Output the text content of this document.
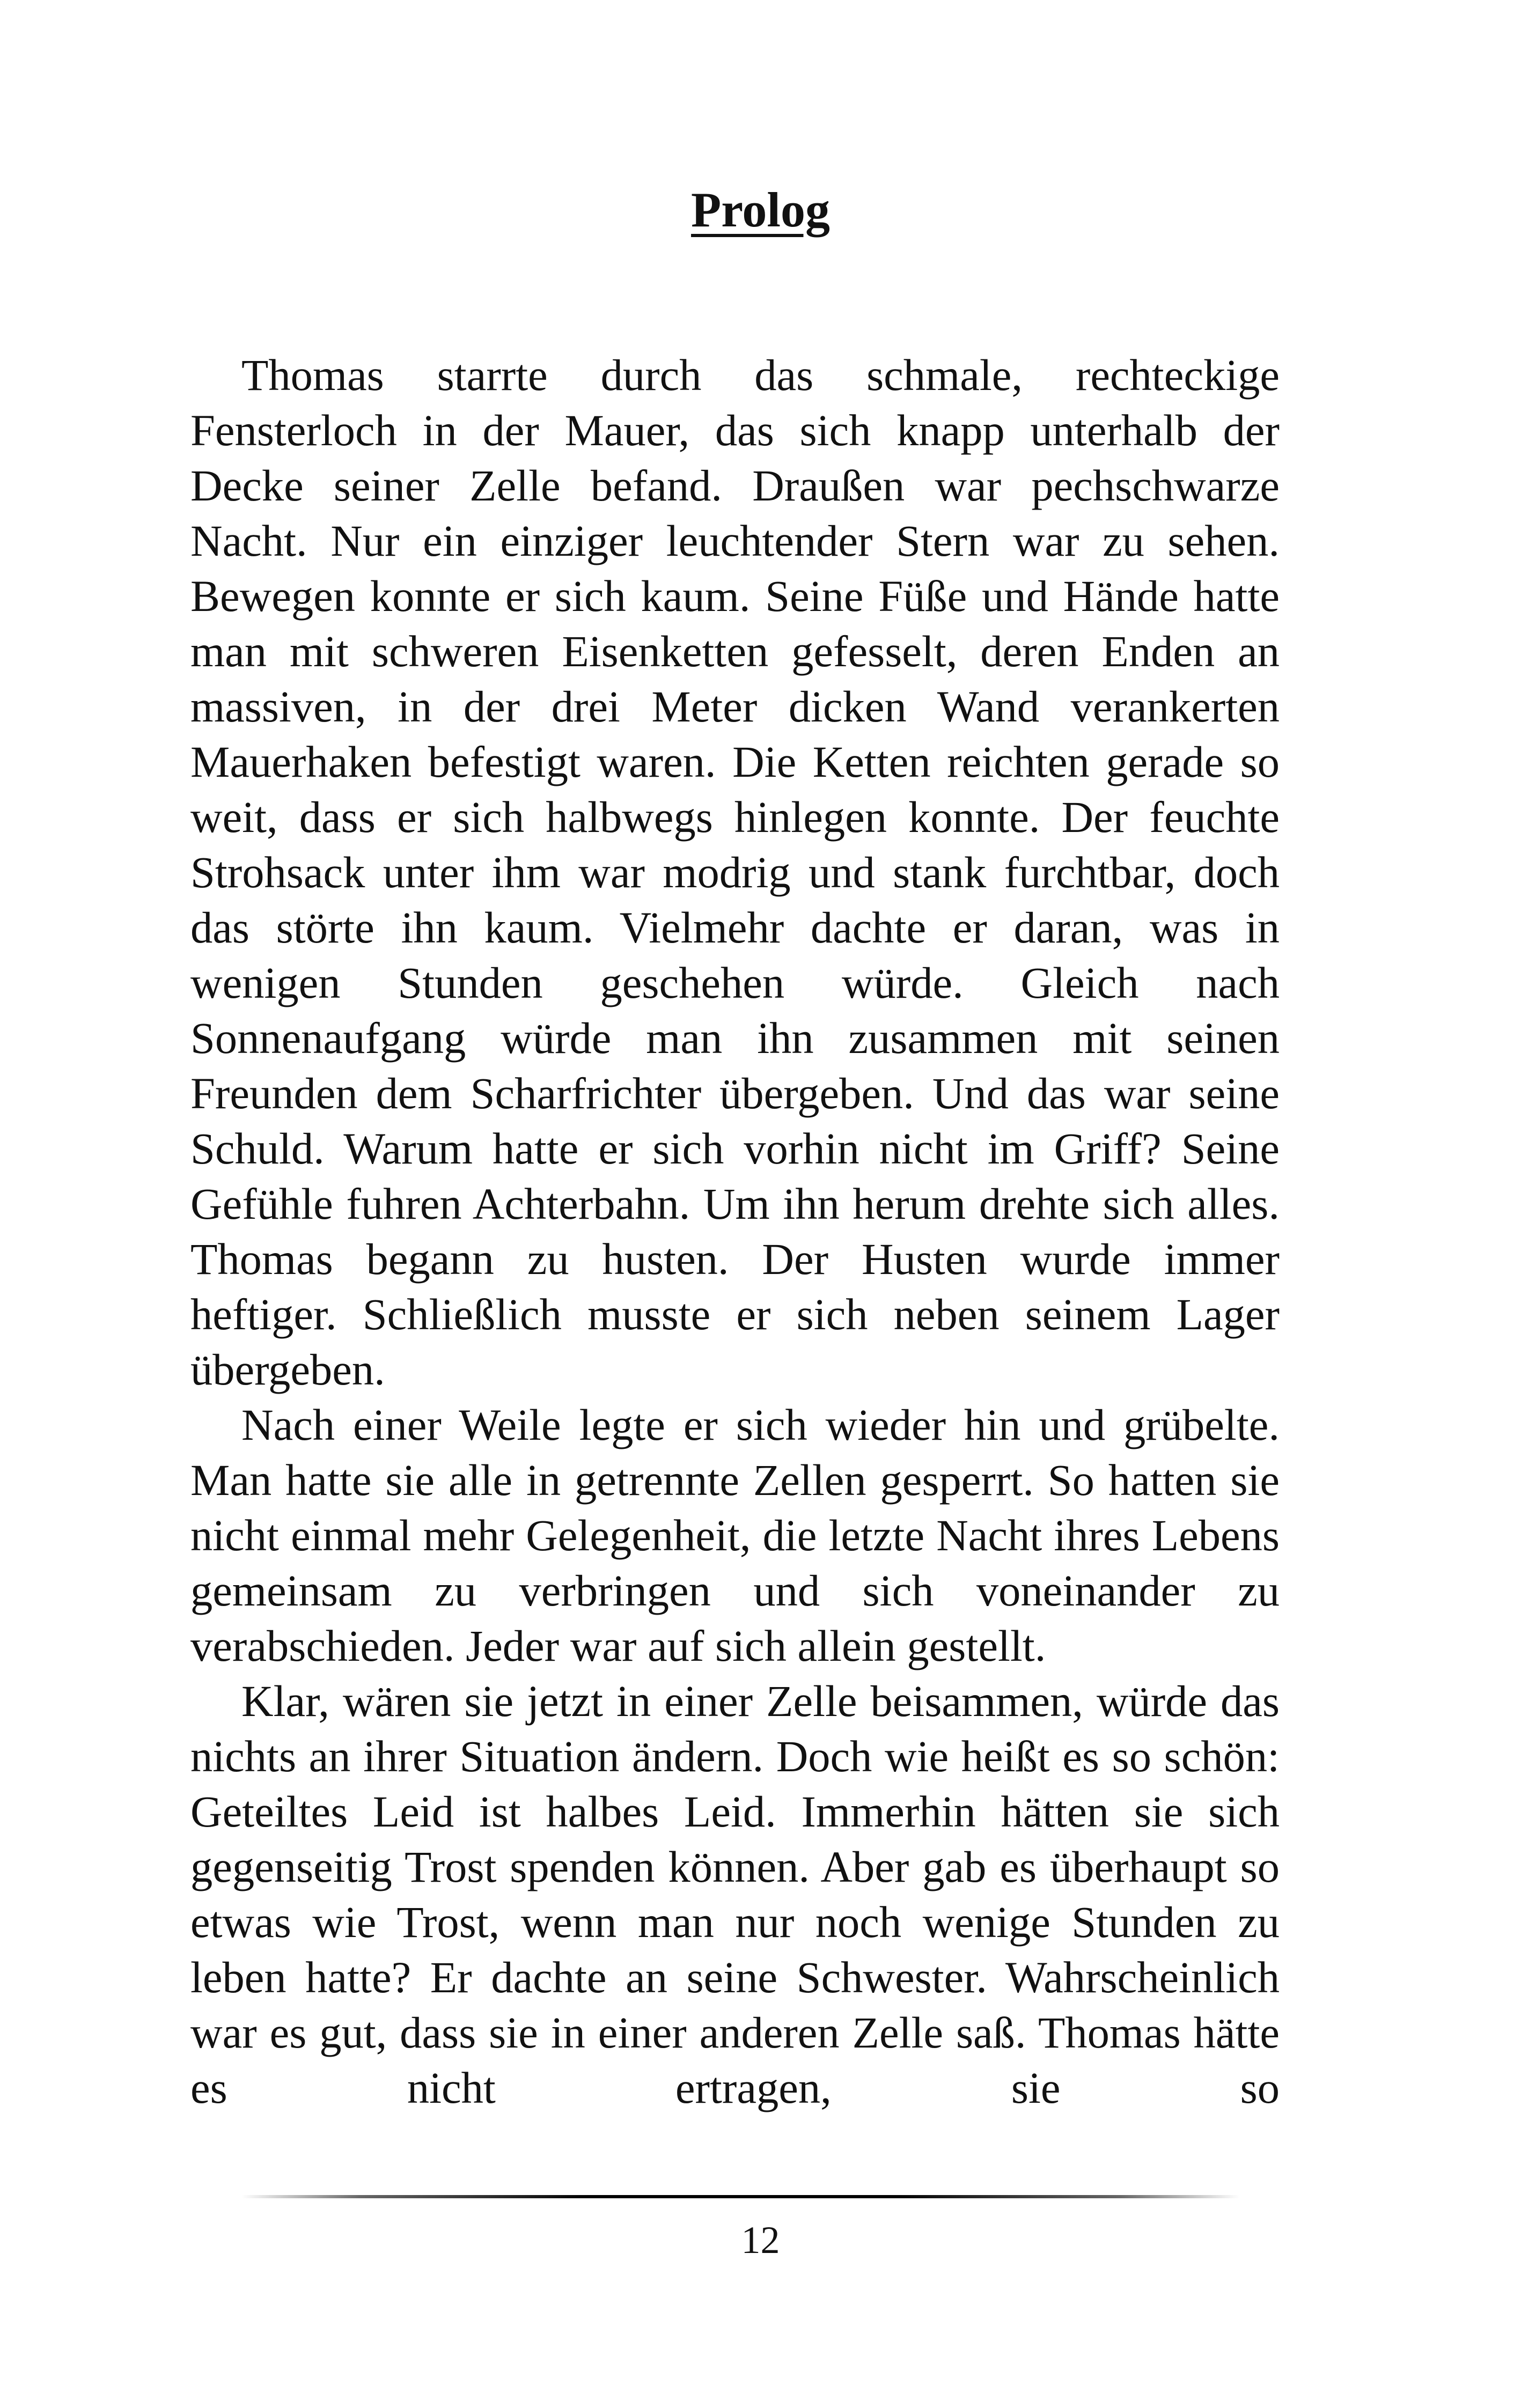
Prolog

Thomas starrte durch das schmale, rechteckige Fensterloch in der Mauer, das sich knapp unterhalb der Decke seiner Zelle befand. Draußen war pechschwarze Nacht. Nur ein einziger leuchtender Stern war zu sehen. Bewegen konnte er sich kaum. Seine Füße und Hände hatte man mit schweren Eisenketten gefesselt, deren Enden an massiven, in der drei Meter dicken Wand verankerten Mauerhaken befestigt waren. Die Ketten reichten gerade so weit, dass er sich halbwegs hinlegen konnte. Der feuchte Strohsack unter ihm war modrig und stank furchtbar, doch das störte ihn kaum. Vielmehr dachte er daran, was in wenigen Stunden geschehen würde. Gleich nach Sonnenaufgang würde man ihn zusammen mit seinen Freunden dem Scharfrichter übergeben. Und das war seine Schuld. Warum hatte er sich vorhin nicht im Griff? Seine Gefühle fuhren Achterbahn. Um ihn herum drehte sich alles. Thomas begann zu husten. Der Husten wurde immer heftiger. Schließlich musste er sich neben seinem Lager übergeben.

Nach einer Weile legte er sich wieder hin und grübelte. Man hatte sie alle in getrennte Zellen gesperrt. So hatten sie nicht einmal mehr Gelegenheit, die letzte Nacht ihres Lebens gemeinsam zu verbringen und sich voneinander zu verabschieden. Jeder war auf sich allein gestellt.

Klar, wären sie jetzt in einer Zelle beisammen, würde das nichts an ihrer Situation ändern. Doch wie heißt es so schön: Geteiltes Leid ist halbes Leid. Immerhin hätten sie sich gegenseitig Trost spenden können. Aber gab es überhaupt so etwas wie Trost, wenn man nur noch wenige Stunden zu leben hatte? Er dachte an seine Schwester. Wahrscheinlich war es gut, dass sie in einer anderen Zelle saß. Thomas hätte es nicht ertragen, sie so

12
